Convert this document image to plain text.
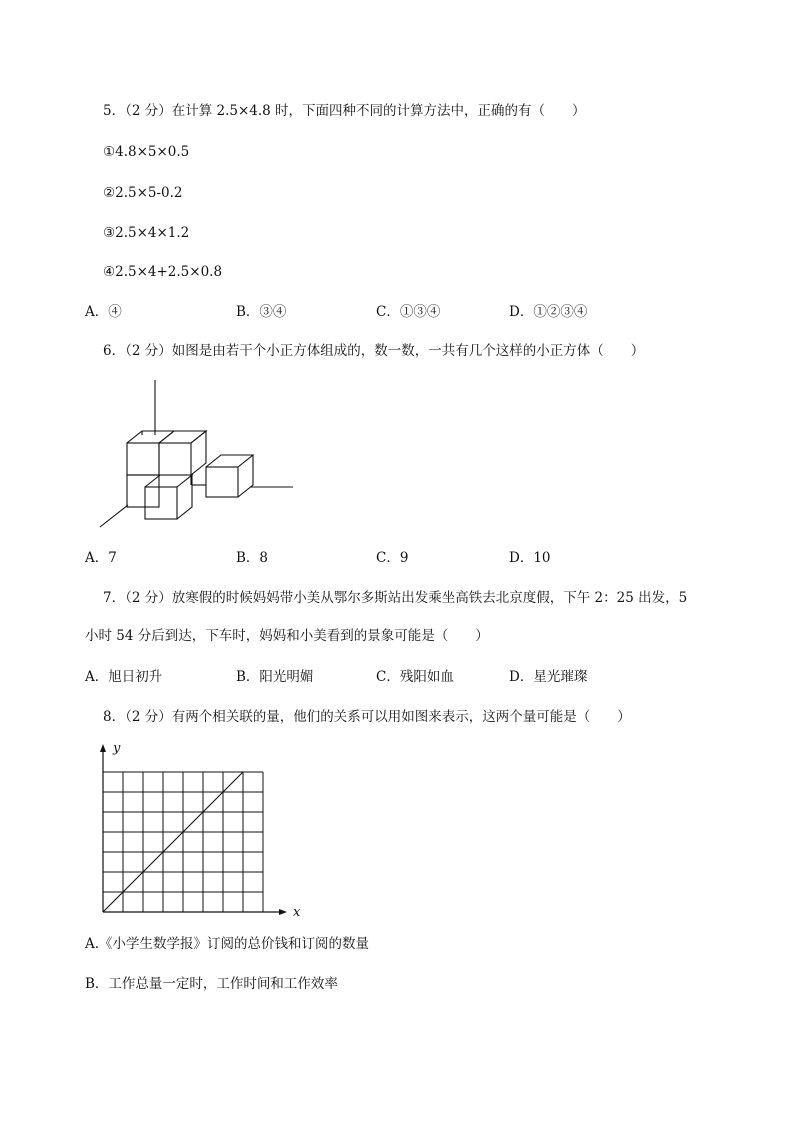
5．（2 分）在计算 2.5×4.8 时，下面四种不同的计算方法中，正确的有（　　）
①4.8×5×0.5
②2.5×5-0.2
③2.5×4×1.2
④2.5×4+2.5×0.8
A．④	B．③④	C．①③④	D．①②③④
6．（2 分）如图是由若干个小正方体组成的，数一数，一共有几个这样的小正方体（　　）
A．7	B．8	C．9	D．10
7．（2 分）放寒假的时候妈妈带小美从鄂尔多斯站出发乘坐高铁去北京度假，下午 2：25 出发，5
小时 54 分后到达，下车时，妈妈和小美看到的景象可能是（　　）
A．旭日初升	B．阳光明媚	C．残阳如血	D．星光璀璨
8．（2 分）有两个相关联的量，他们的关系可以用如图来表示，这两个量可能是（　　）
y
x
A.《小学生数学报》订阅的总价钱和订阅的数量
B．工作总量一定时，工作时间和工作效率
